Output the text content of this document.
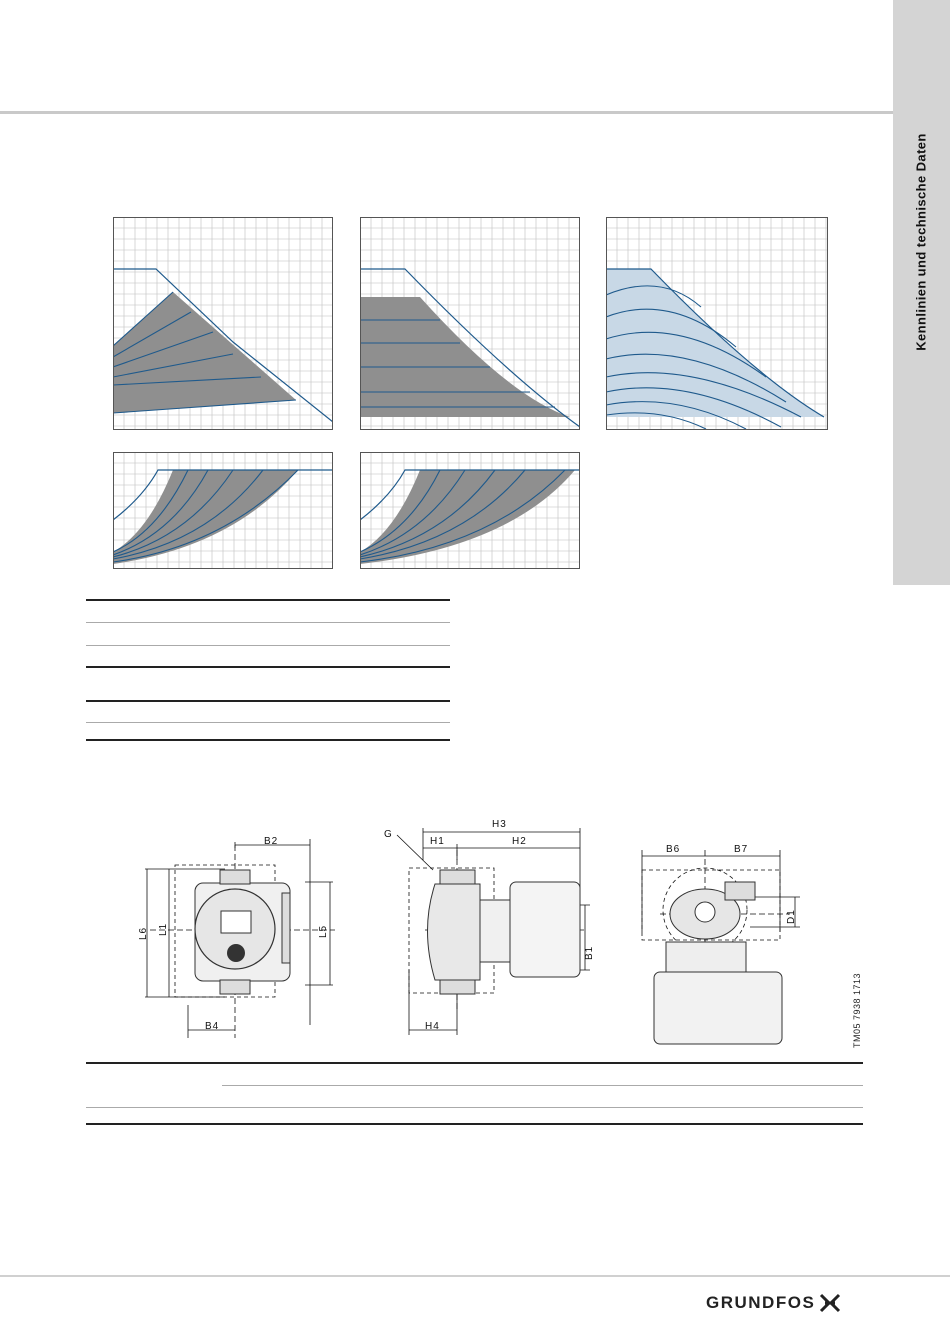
Kennlinien und technische Daten
B2
B4
L6 L1	L5
G
H3
H1	H2
H4
B1
B6	B7
D1
TM05 7938 1713
GRUNDFOS
